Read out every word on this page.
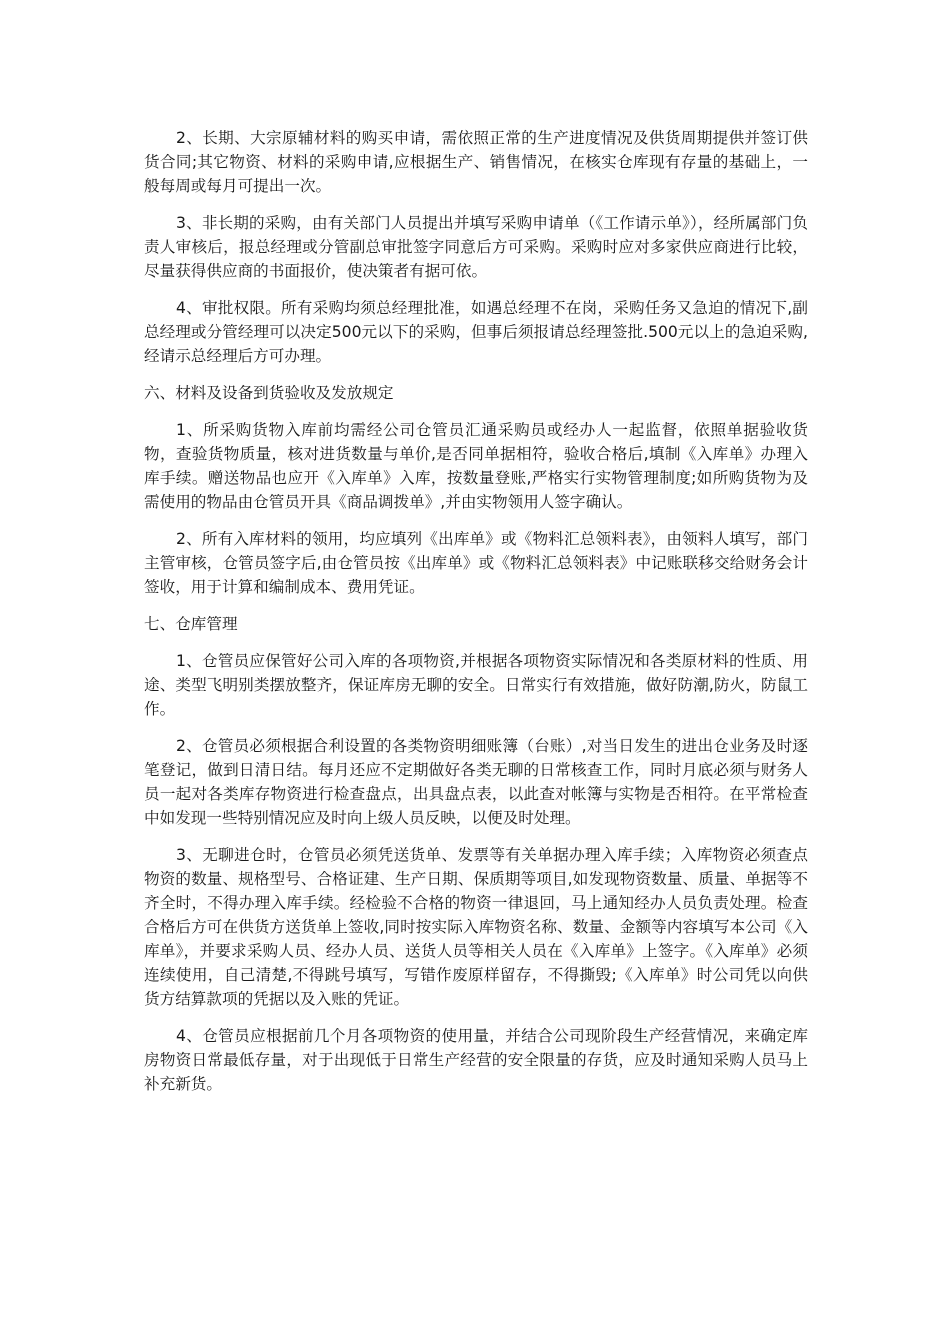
2、长期、大宗原辅材料的购买申请，需依照正常的生产进度情况及供货周期提供并签订供货合同;其它物资、材料的采购申请,应根据生产、销售情况，在核实仓库现有存量的基础上，一般每周或每月可提出一次。

3、非长期的采购，由有关部门人员提出并填写采购申请单（《工作请示单》），经所属部门负责人审核后，报总经理或分管副总审批签字同意后方可采购。采购时应对多家供应商进行比较，尽量获得供应商的书面报价，使决策者有据可依。

4、审批权限。所有采购均须总经理批准，如遇总经理不在岗，采购任务又急迫的情况下,副总经理或分管经理可以决定500元以下的采购，但事后须报请总经理签批.500元以上的急迫采购,经请示总经理后方可办理。

六、材料及设备到货验收及发放规定

1、所采购货物入库前均需经公司仓管员汇通采购员或经办人一起监督，依照单据验收货物，查验货物质量，核对进货数量与单价,是否同单据相符，验收合格后,填制《入库单》办理入库手续。赠送物品也应开《入库单》入库，按数量登账,严格实行实物管理制度;如所购货物为及需使用的物品由仓管员开具《商品调拨单》,并由实物领用人签字确认。

2、所有入库材料的领用，均应填列《出库单》或《物料汇总领料表》，由领料人填写，部门主管审核，仓管员签字后,由仓管员按《出库单》或《物料汇总领料表》中记账联移交给财务会计签收，用于计算和编制成本、费用凭证。

七、仓库管理

1、仓管员应保管好公司入库的各项物资,并根据各项物资实际情况和各类原材料的性质、用途、类型飞明别类摆放整齐，保证库房无聊的安全。日常实行有效措施，做好防潮,防火，防鼠工作。

2、仓管员必须根据合利设置的各类物资明细账簿（台账）,对当日发生的进出仓业务及时逐笔登记，做到日清日结。每月还应不定期做好各类无聊的日常核查工作，同时月底必须与财务人员一起对各类库存物资进行检查盘点，出具盘点表，以此查对帐簿与实物是否相符。在平常检查中如发现一些特别情况应及时向上级人员反映，以便及时处理。

3、无聊进仓时，仓管员必须凭送货单、发票等有关单据办理入库手续；入库物资必须查点物资的数量、规格型号、合格证建、生产日期、保质期等项目,如发现物资数量、质量、单据等不齐全时，不得办理入库手续。经检验不合格的物资一律退回，马上通知经办人员负责处理。检查合格后方可在供货方送货单上签收,同时按实际入库物资名称、数量、金额等内容填写本公司《入库单》，并要求采购人员、经办人员、送货人员等相关人员在《入库单》上签字。《入库单》必须连续使用，自己清楚,不得跳号填写，写错作废原样留存，不得撕毁;《入库单》时公司凭以向供货方结算款项的凭据以及入账的凭证。

4、仓管员应根据前几个月各项物资的使用量，并结合公司现阶段生产经营情况，来确定库房物资日常最低存量，对于出现低于日常生产经营的安全限量的存货，应及时通知采购人员马上补充新货。
